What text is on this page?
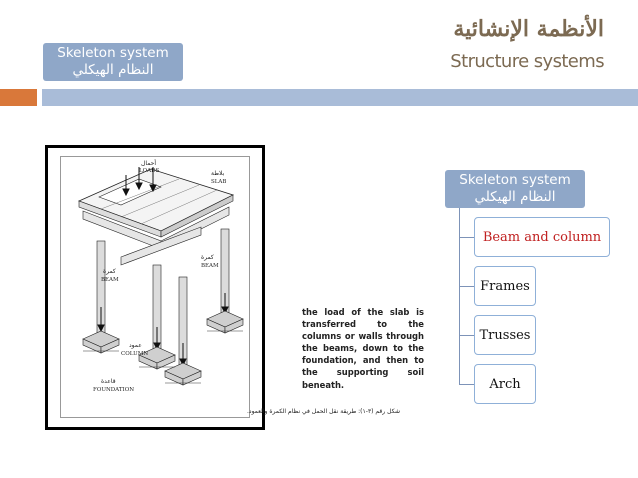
Skeleton system
النظام الهيكلي
الأنظمة الإنشائية
Structure systems
بلاطة
SLAB
أحمال
LOADS
كمرة
BEAM
كمرة
BEAM
عمود
COLUMN
قاعدة
FOUNDATION
شكل رقم (٣-١): طريقة نقل الحمل في نظام الكمرة والعمود.
the load of the slab is transferred to the columns or walls through the beams, down to the foundation, and then to the supporting soil beneath.
Skeleton system
النظام الهيكلي
Beam and column
Frames
Trusses
Arch
